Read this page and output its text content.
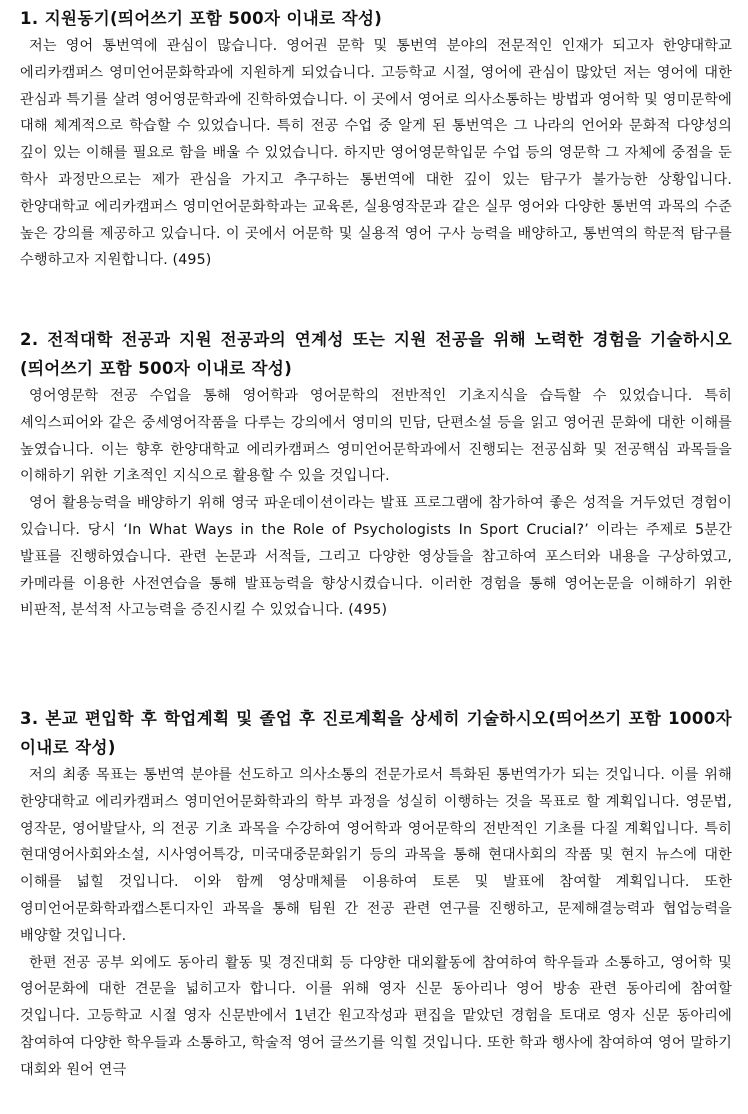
1. 지원동기(띄어쓰기 포함 500자 이내로 작성)

저는 영어 통번역에 관심이 많습니다. 영어권 문학 및 통번역 분야의 전문적인 인재가 되고자 한양대학교 에리카캠퍼스 영미언어문화학과에 지원하게 되었습니다. 고등학교 시절, 영어에 관심이 많았던 저는 영어에 대한 관심과 특기를 살려 영어영문학과에 진학하였습니다. 이 곳에서 영어로 의사소통하는 방법과 영어학 및 영미문학에 대해 체계적으로 학습할 수 있었습니다. 특히 전공 수업 중 알게 된 통번역은 그 나라의 언어와 문화적 다양성의 깊이 있는 이해를 필요로 함을 배울 수 있었습니다. 하지만 영어영문학입문 수업 등의 영문학 그 자체에 중점을 둔 학사 과정만으로는 제가 관심을 가지고 추구하는 통번역에 대한 깊이 있는 탐구가 불가능한 상황입니다. 한양대학교 에리카캠퍼스 영미언어문화학과는 교육론, 실용영작문과 같은 실무 영어와 다양한 통번역 과목의 수준 높은 강의를 제공하고 있습니다. 이 곳에서 어문학 및 실용적 영어 구사 능력을 배양하고, 통번역의 학문적 탐구를 수행하고자 지원합니다. (495)

2. 전적대학 전공과 지원 전공과의 연계성 또는 지원 전공을 위해 노력한 경험을 기술하시오(띄어쓰기 포함 500자 이내로 작성)

영어영문학 전공 수업을 통해 영어학과 영어문학의 전반적인 기초지식을 습득할 수 있었습니다. 특히 셰익스피어와 같은 중세영어작품을 다루는 강의에서 영미의 민담, 단편소설 등을 읽고 영어권 문화에 대한 이해를 높였습니다. 이는 향후 한양대학교 에리카캠퍼스 영미언어문학과에서 진행되는 전공심화 및 전공핵심 과목들을 이해하기 위한 기초적인 지식으로 활용할 수 있을 것입니다.

영어 활용능력을 배양하기 위해 영국 파운데이션이라는 발표 프로그램에 참가하여 좋은 성적을 거두었던 경험이 있습니다. 당시 ‘In What Ways in the Role of Psychologists In Sport Crucial?’ 이라는 주제로 5분간 발표를 진행하였습니다. 관련 논문과 서적들, 그리고 다양한 영상들을 참고하여 포스터와 내용을 구상하였고, 카메라를 이용한 사전연습을 통해 발표능력을 향상시켰습니다. 이러한 경험을 통해 영어논문을 이해하기 위한 비판적, 분석적 사고능력을 증진시킬 수 있었습니다. (495)

3. 본교 편입학 후 학업계획 및 졸업 후 진로계획을 상세히 기술하시오(띄어쓰기 포함 1000자 이내로 작성)

저의 최종 목표는 통번역 분야를 선도하고 의사소통의 전문가로서 특화된 통번역가가 되는 것입니다. 이를 위해 한양대학교 에리카캠퍼스 영미언어문화학과의 학부 과정을 성실히 이행하는 것을 목표로 할 계획입니다. 영문법, 영작문, 영어발달사, 의 전공 기초 과목을 수강하여 영어학과 영어문학의 전반적인 기초를 다질 계획입니다. 특히 현대영어사회와소설, 시사영어특강, 미국대중문화읽기 등의 과목을 통해 현대사회의 작품 및 현지 뉴스에 대한 이해를 넓힐 것입니다. 이와 함께 영상매체를 이용하여 토론 및 발표에 참여할 계획입니다. 또한 영미언어문화학과캡스톤디자인 과목을 통해 팀원 간 전공 관련 연구를 진행하고, 문제해결능력과 협업능력을 배양할 것입니다.

한편 전공 공부 외에도 동아리 활동 및 경진대회 등 다양한 대외활동에 참여하여 학우들과 소통하고, 영어학 및 영어문화에 대한 견문을 넓히고자 합니다. 이를 위해 영자 신문 동아리나 영어 방송 관련 동아리에 참여할 것입니다. 고등학교 시절 영자 신문반에서 1년간 원고작성과 편집을 맡았던 경험을 토대로 영자 신문 동아리에 참여하여 다양한 학우들과 소통하고, 학술적 영어 글쓰기를 익힐 것입니다. 또한 학과 행사에 참여하여 영어 말하기 대회와 원어 연극
